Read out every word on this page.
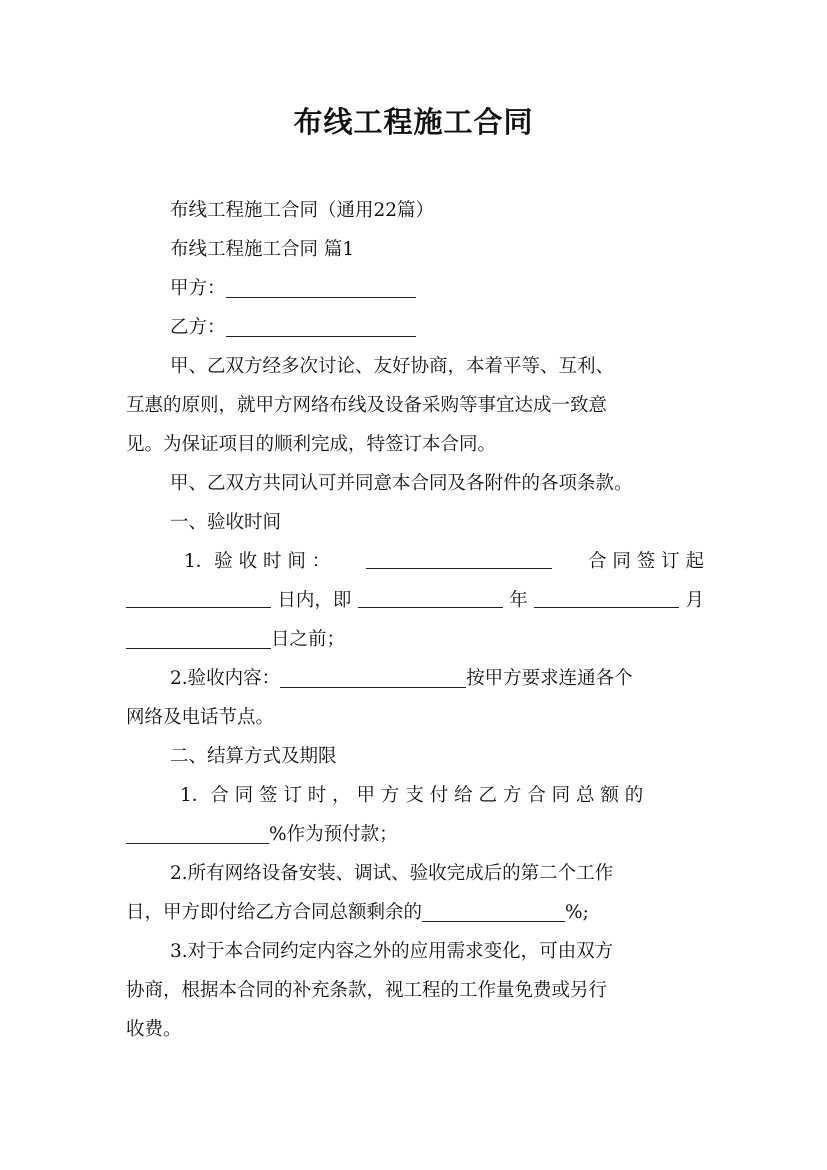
布线工程施工合同

布线工程施工合同（通用22篇）

布线工程施工合同 篇1

甲方：

乙方：

甲、乙双方经多次讨论、友好协商，本着平等、互利、

互惠的原则，就甲方网络布线及设备采购等事宜达成一致意

见。为保证项目的顺利完成，特签订本合同。

甲、乙双方共同认可并同意本合同及各附件的各项条款。

一、验收时间

1．验 收 时 间 ：	合 同 签 订 起

日内，即	年	月

日之前；

2.验收内容：	按甲方要求连通各个

网络及电话节点。

二、结算方式及期限

1．合 同 签 订 时 ， 甲 方 支 付 给 乙 方 合 同 总 额 的

%作为预付款；

2.所有网络设备安装、调试、验收完成后的第二个工作

日，甲方即付给乙方合同总额剩余的	%;

3.对于本合同约定内容之外的应用需求变化，可由双方

协商，根据本合同的补充条款，视工程的工作量免费或另行

收费。
